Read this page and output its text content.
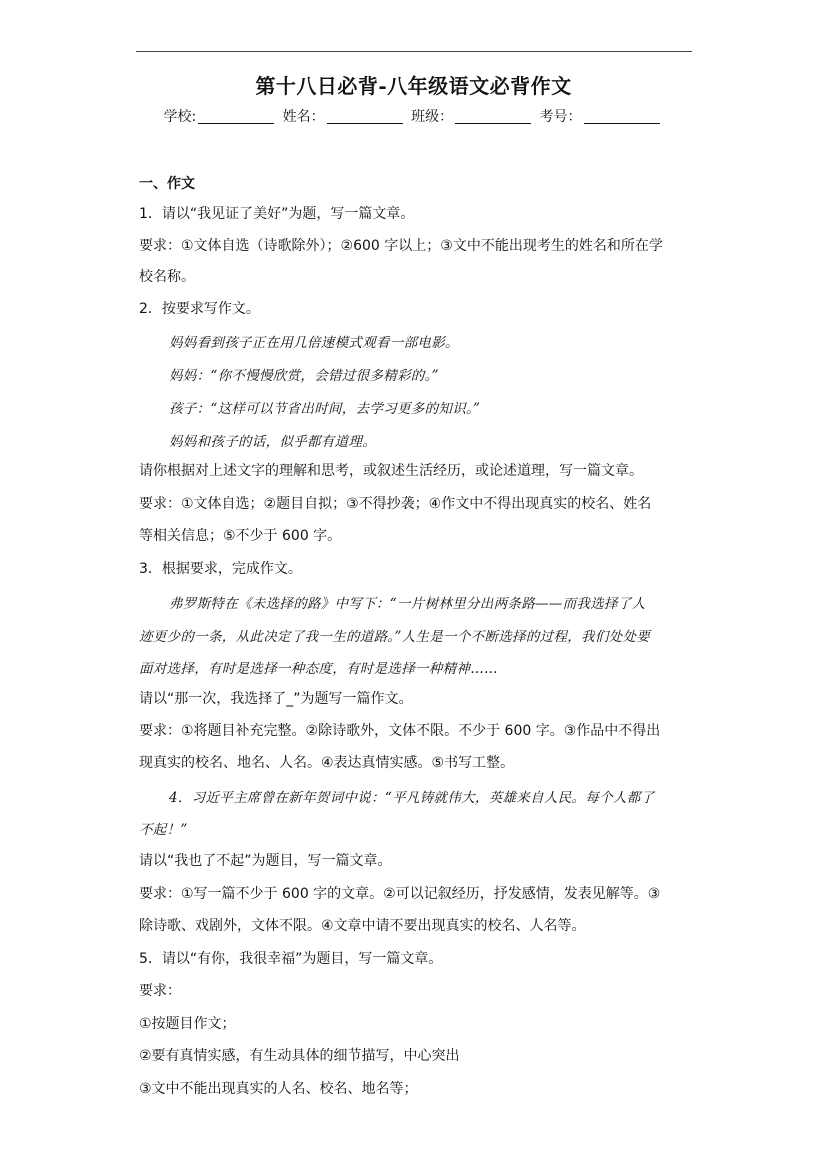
第十八日必背-八年级语文必背作文
学校:	姓名：	班级：	考号：
一、作文
1．请以“我见证了美好”为题，写一篇文章。
要求：①文体自选（诗歌除外）；②600 字以上；③文中不能出现考生的姓名和所在学
校名称。
2．按要求写作文。
妈妈看到孩子正在用几倍速模式观看一部电影。
妈妈：“你不慢慢欣赏，会错过很多精彩的。”
孩子：“这样可以节省出时间，去学习更多的知识。”
妈妈和孩子的话，似乎都有道理。
请你根据对上述文字的理解和思考，或叙述生活经历，或论述道理，写一篇文章。
要求：①文体自选；②题目自拟；③不得抄袭；④作文中不得出现真实的校名、姓名
等相关信息；⑤不少于 600 字。
3．根据要求，完成作文。
弗罗斯特在《未选择的路》中写下：“一片树林里分出两条路——而我选择了人
迹更少的一条，从此决定了我一生的道路。”人生是一个不断选择的过程，我们处处要
面对选择，有时是选择一种态度，有时是选择一种精神……
请以“那一次，我选择了_”为题写一篇作文。
要求：①将题目补充完整。②除诗歌外，文体不限。不少于 600 字。③作品中不得出
现真实的校名、地名、人名。④表达真情实感。⑤书写工整。
4．习近平主席曾在新年贺词中说：“平凡铸就伟大，英雄来自人民。每个人都了
不起！”
请以“我也了不起”为题目，写一篇文章。
要求：①写一篇不少于 600 字的文章。②可以记叙经历，抒发感情，发表见解等。③
除诗歌、戏剧外，文体不限。④文章中请不要出现真实的校名、人名等。
5．请以“有你，我很幸福”为题目，写一篇文章。
要求：
①按题目作文；
②要有真情实感，有生动具体的细节描写，中心突出
③文中不能出现真实的人名、校名、地名等；
